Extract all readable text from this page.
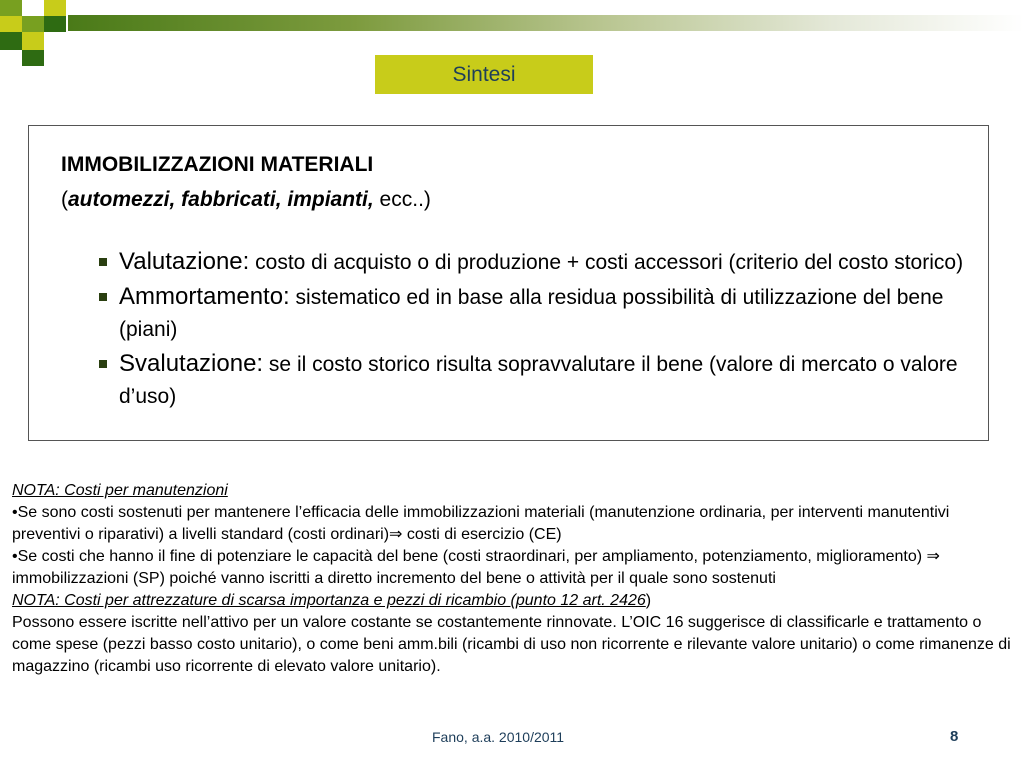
Sintesi
IMMOBILIZZAZIONI MATERIALI
(automezzi, fabbricati, impianti, ecc..)
Valutazione: costo di acquisto o di produzione + costi accessori (criterio del costo storico)
Ammortamento: sistematico ed in base alla residua possibilità di utilizzazione del bene (piani)
Svalutazione: se il costo storico risulta sopravvalutare il bene (valore di mercato o valore d’uso)
NOTA: Costi per manutenzioni
•Se sono costi sostenuti per mantenere l’efficacia delle immobilizzazioni materiali (manutenzione ordinaria, per interventi manutentivi preventivi o riparativi) a livelli standard (costi ordinari)⇒ costi di esercizio (CE)
•Se costi che hanno il fine di potenziare le capacità del bene (costi straordinari, per ampliamento, potenziamento, miglioramento) ⇒ immobilizzazioni (SP) poiché vanno iscritti a diretto incremento del bene o attività per il quale sono sostenuti
NOTA: Costi per attrezzature di scarsa importanza e pezzi di ricambio (punto 12 art. 2426)
Possono essere iscritte nell’attivo per un valore costante se costantemente rinnovate. L’OIC 16 suggerisce di classificarle e trattamento o come spese (pezzi basso costo unitario), o come beni amm.bili (ricambi di uso non ricorrente e rilevante valore unitario) o come rimanenze di magazzino (ricambi uso ricorrente di elevato valore unitario).
Fano, a.a. 2010/2011	8
